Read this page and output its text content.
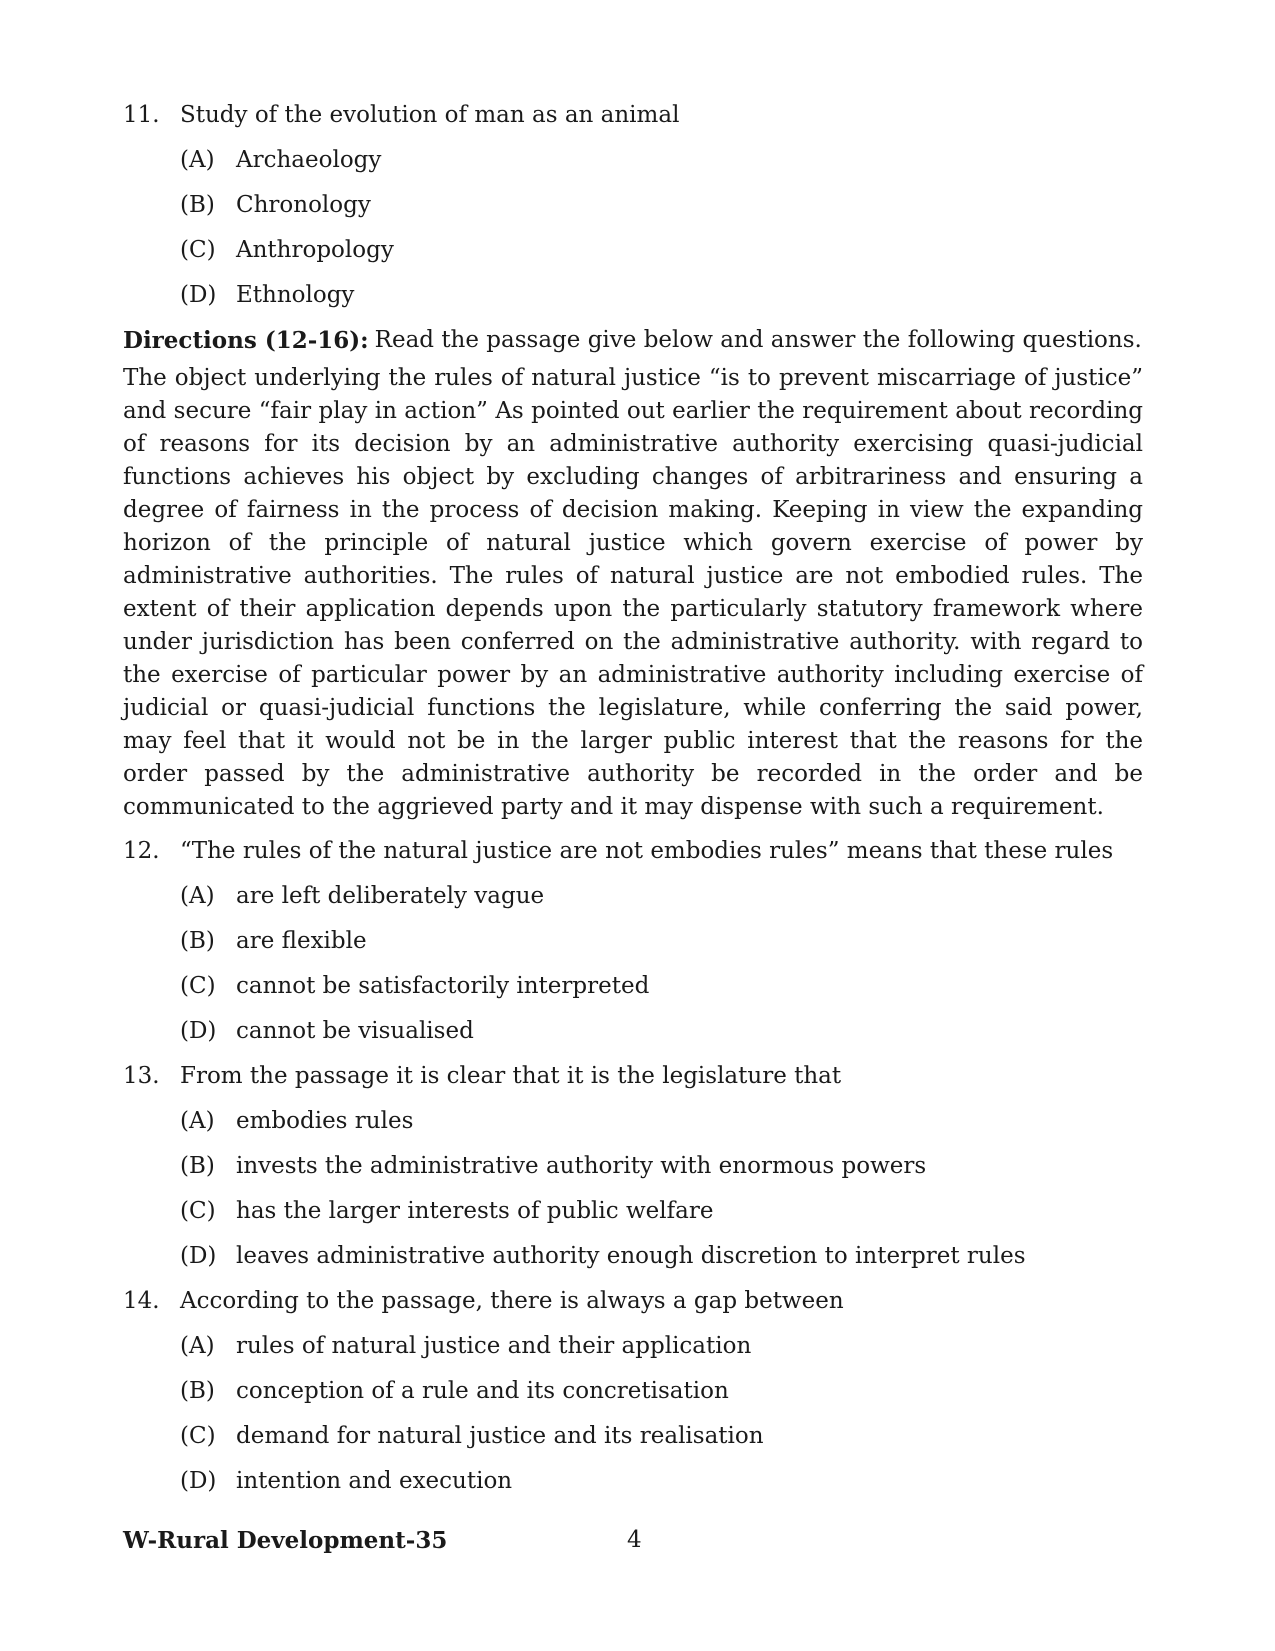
11. Study of the evolution of man as an animal
(A) Archaeology
(B) Chronology
(C) Anthropology
(D) Ethnology
Directions (12-16): Read the passage give below and answer the following questions.

The object underlying the rules of natural justice “is to prevent miscarriage of justice” and secure “fair play in action” As pointed out earlier the requirement about recording of reasons for its decision by an administrative authority exercising quasi-judicial functions achieves his object by excluding changes of arbitrariness and ensuring a degree of fairness in the process of decision making. Keeping in view the expanding horizon of the principle of natural justice which govern exercise of power by administrative authorities. The rules of natural justice are not embodied rules. The extent of their application depends upon the particularly statutory framework where under jurisdiction has been conferred on the administrative authority. with regard to the exercise of particular power by an administrative authority including exercise of judicial or quasi-judicial functions the legislature, while conferring the said power, may feel that it would not be in the larger public interest that the reasons for the order passed by the administrative authority be recorded in the order and be communicated to the aggrieved party and it may dispense with such a requirement.

12. “The rules of the natural justice are not embodies rules” means that these rules
(A) are left deliberately vague
(B) are flexible
(C) cannot be satisfactorily interpreted
(D) cannot be visualised
13. From the passage it is clear that it is the legislature that
(A) embodies rules
(B) invests the administrative authority with enormous powers
(C) has the larger interests of public welfare
(D) leaves administrative authority enough discretion to interpret rules
14. According to the passage, there is always a gap between
(A) rules of natural justice and their application
(B) conception of a rule and its concretisation
(C) demand for natural justice and its realisation
(D) intention and execution
W-Rural Development-35	4
